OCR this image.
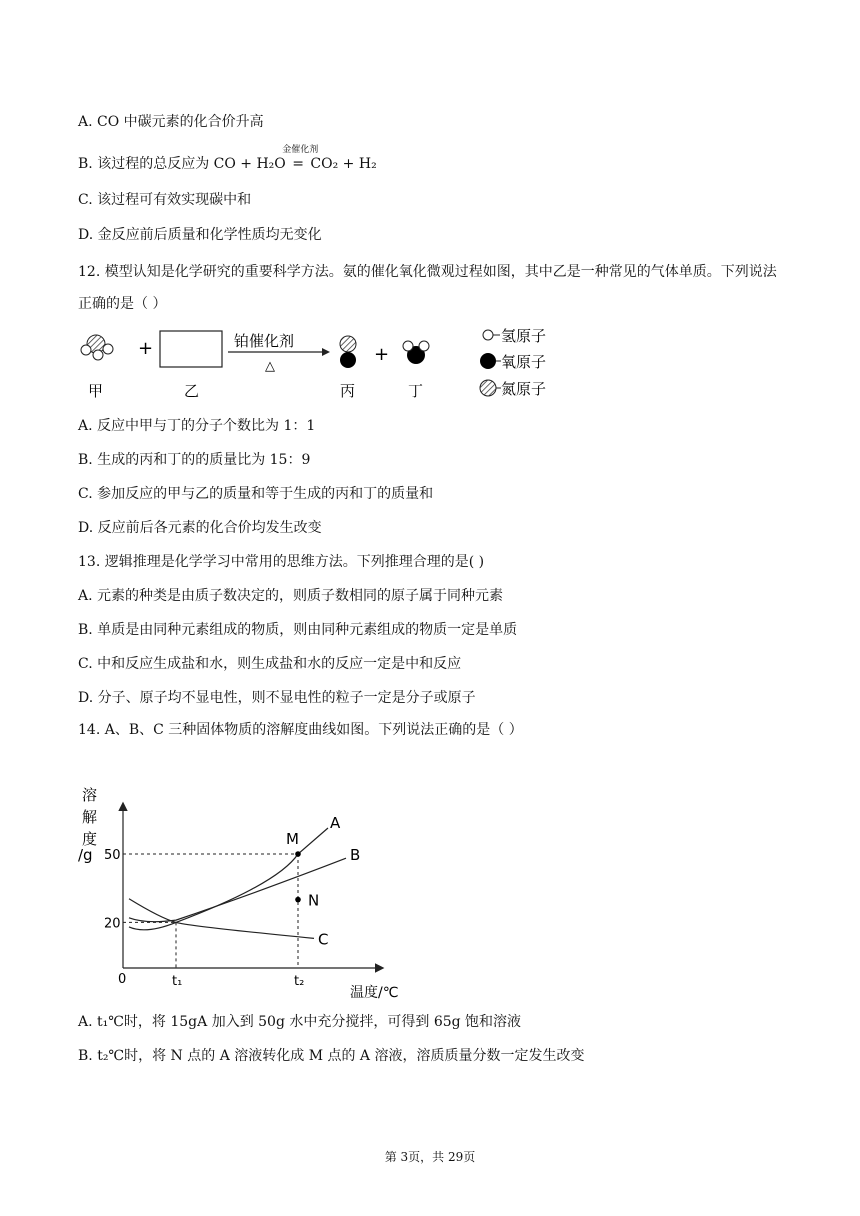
A. CO 中碳元素的化合价升高
B. 该过程的总反应为 CO + H₂O
金催化剂
= CO₂ + H₂
C. 该过程可有效实现碳中和
D. 金反应前后质量和化学性质均无变化
12. 模型认知是化学研究的重要科学方法。氨的催化氧化微观过程如图，其中乙是一种常见的气体单质。下列说法正确的是（ ）
+	铂催化剂
△
+
甲	乙	丙	丁
氢原子
氧原子
氮原子
A. 反应中甲与丁的分子个数比为 1：1
B. 生成的丙和丁的的质量比为 15：9
C. 参加反应的甲与乙的质量和等于生成的丙和丁的质量和
D. 反应前后各元素的化合价均发生改变
13. 逻辑推理是化学学习中常用的思维方法。下列推理合理的是( )
A. 元素的种类是由质子数决定的，则质子数相同的原子属于同种元素
B. 单质是由同种元素组成的物质，则由同种元素组成的物质一定是单质
C. 中和反应生成盐和水，则生成盐和水的反应一定是中和反应
D. 分子、原子均不显电性，则不显电性的粒子一定是分子或原子
14. A、B、C 三种固体物质的溶解度曲线如图。下列说法正确的是（ ）
溶
解
度
/g
0
温度/℃
20
50
t₁	t₂
A
B
C
M
N
A. t₁℃时，将 15gA 加入到 50g 水中充分搅拌，可得到 65g 饱和溶液
B. t₂℃时，将 N 点的 A 溶液转化成 M 点的 A 溶液，溶质质量分数一定发生改变
第 3页，共 29页
